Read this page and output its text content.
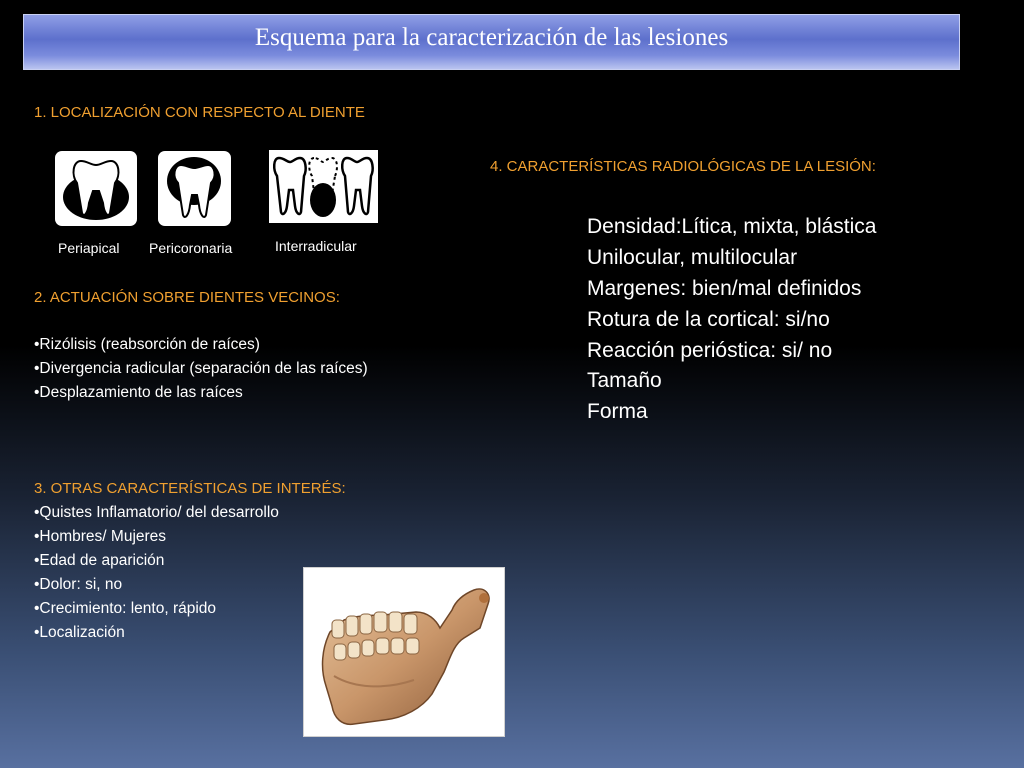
Esquema para la caracterización de las lesiones
1. LOCALIZACIÓN CON RESPECTO AL DIENTE
Periapical Pericoronaria	Interradicular
2. ACTUACIÓN SOBRE DIENTES VECINOS:
•Rizólisis (reabsorción de raíces)
•Divergencia radicular (separación de las raíces)
•Desplazamiento de las raíces
3. OTRAS CARACTERÍSTICAS DE INTERÉS:
•Quistes Inflamatorio/ del desarrollo
•Hombres/ Mujeres
•Edad de aparición
•Dolor: si, no
•Crecimiento: lento, rápido
•Localización
4. CARACTERÍSTICAS RADIOLÓGICAS DE LA LESIÓN:
Densidad:Lítica, mixta, blástica
Unilocular, multilocular
Margenes: bien/mal definidos
Rotura de la cortical: si/no
Reacción perióstica: si/ no
Tamaño
Forma
